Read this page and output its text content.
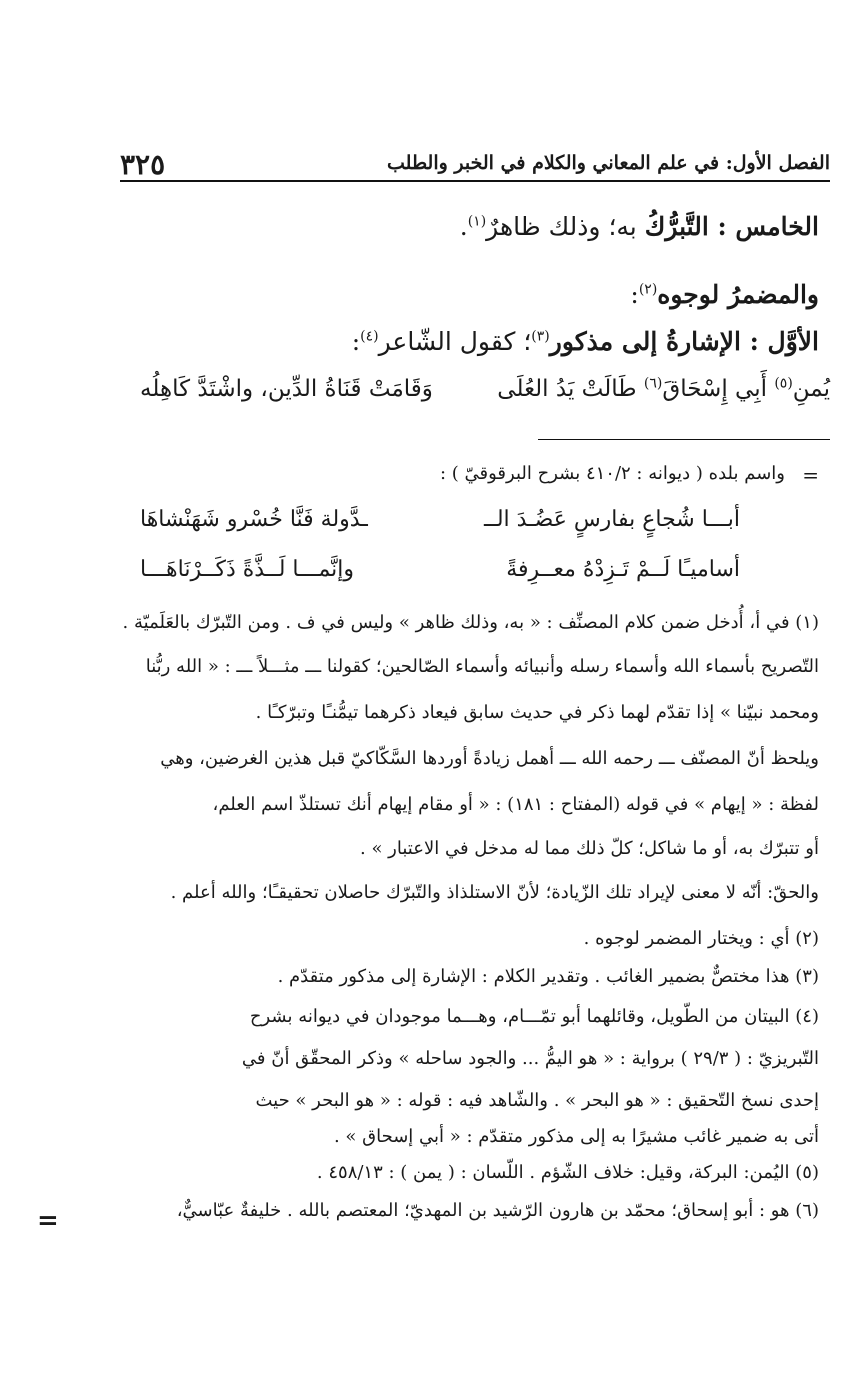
الفصل الأول: في علم المعاني والكلام في الخبر والطلب
٣٢٥
الخامس : التَّبرُّكُ به؛ وذلك ظاهرٌ$^{(١)}$.
والمضمرُ لوجوه$^{(٢)}$:
الأوَّل : الإشارةُ إلى مذكور$^{(٣)}$؛ كقول الشّاعر$^{(٤)}$:
يُمنِ$^{(٥)}$ أَبِي إِسْحَاقَ$^{(٦)}$ طَالَتْ يَدُ العُلَى
وَقَامَتْ قَنَاةُ الدِّين، واشْتَدَّ كَاهِلُه
=
واسم بلده ( ديوانه : ٤١٠/٢ بشرح البرقوقيّ ) :
أبـــا شُجاعٍ بفارسٍ عَضُـدَ الــ
ـدَّولة فَنَّا خُسْرو شَهَنْشاهَا
أساميـًا لَــمْ تَـزِدْهُ معــرِفةً
وإنَّمـــا لَــذَّةً ذَكَــرْنَاهَـــا
(١) في أ، أُدخل ضمن كلام المصنِّف : « به، وذلك ظاهر » وليس في ف . ومن التّبرّك بالعَلَميّة .
التّصريح بأسماء الله وأسماء رسله وأنبيائه وأسماء الصّالحين؛ كقولنا ـــ مثـــلاً ـــ : « الله ربُّنا
ومحمد نبيّنا » إذا تقدّم لهما ذكر في حديث سابق فيعاد ذكرهما تيمُّنـًا وتبرّكـًا .
ويلحظ أنّ المصنّف ـــ رحمه الله ـــ أهمل زيادةً أوردها السَّكّاكيّ قبل هذين الغرضين، وهي
لفظة : « إيهام » في قوله (المفتاح : ١٨١) : « أو مقام إيهام أنك تستلذّ اسم العلم،
أو تتبرّك به، أو ما شاكل؛ كلّ ذلك مما له مدخل في الاعتبار » .
والحقّ: أنّه لا معنى لإيراد تلك الزّيادة؛ لأنّ الاستلذاذ والتّبرّك حاصلان تحقيقـًا؛ والله أعلم .
(٢) أي : ويختار المضمر لوجوه .
(٣) هذا مختصٌّ بضمير الغائب . وتقدير الكلام : الإشارة إلى مذكور متقدّم .
(٤) البيتان من الطّويل، وقائلهما أبو تمّـــام، وهـــما موجودان في ديوانه بشرح
التّبريزيّ : ( ٢٩/٣ ) برواية : « هو اليمُّ ... والجود ساحله » وذكر المحقّق أنّ في
إحدى نسخ التّحقيق : « هو البحر » . والشّاهد فيه : قوله : « هو البحر » حيث
أتى به ضمير غائب مشيرًا به إلى مذكور متقدّم : « أبي إسحاق » .
(٥) اليُمن: البركة، وقيل: خلاف الشّؤم . اللّسان : ( يمن ) : ٤٥٨/١٣ .
(٦) هو : أبو إسحاق؛ محمّد بن هارون الرّشيد بن المهديّ؛ المعتصم بالله . خليفةٌ عبّاسيٌّ،
=
